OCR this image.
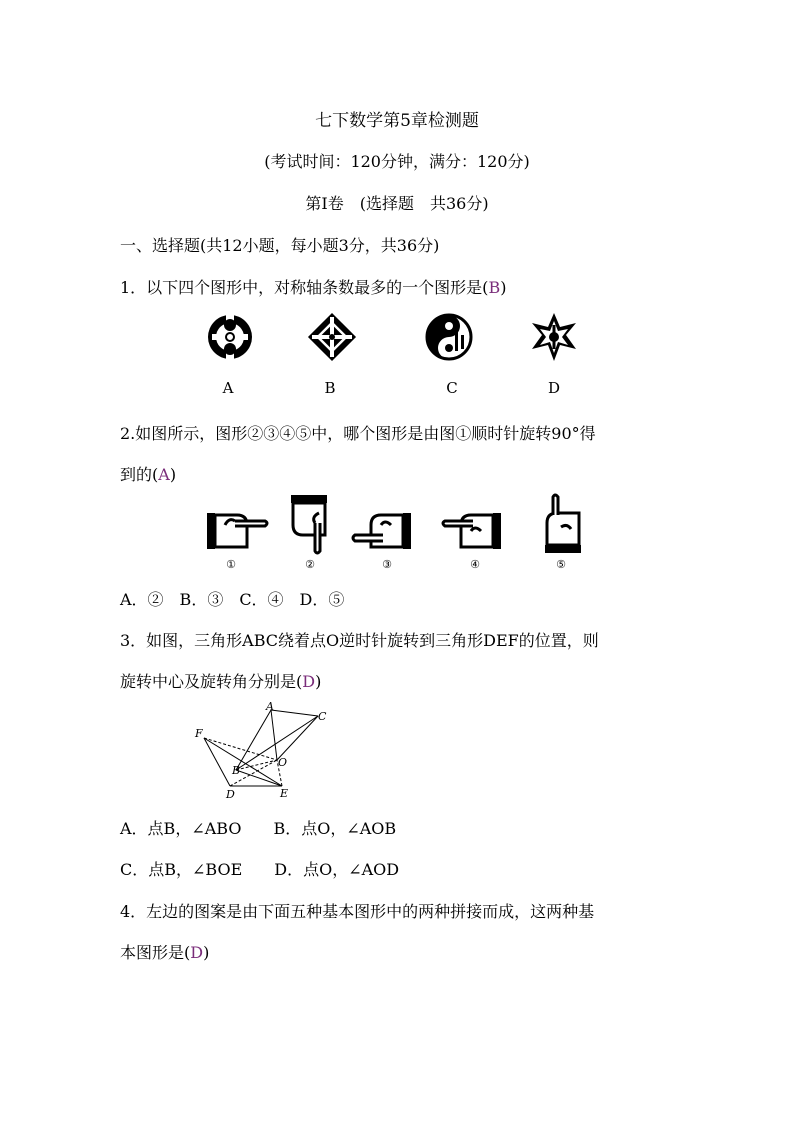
七下数学第5章检测题
(考试时间：120分钟，满分：120分)
第Ⅰ卷　(选择题　共36分)
一、选择题(共12小题，每小题3分，共36分)
1．以下四个图形中，对称轴条数最多的一个图形是(B)
A	B	C	D
2.如图所示，图形②③④⑤中，哪个图形是由图①顺时针旋转90°得
到的(A)
①	②	③	④	⑤
A．②　B．③　C．④　D．⑤
3．如图，三角形ABC绕着点O逆时针旋转到三角形DEF的位置，则
旋转中心及旋转角分别是(D)
A
C
F
B
O
D	E
A．点B，∠ABO　　B．点O，∠AOB
C．点B，∠BOE　　D．点O，∠AOD
4．左边的图案是由下面五种基本图形中的两种拼接而成，这两种基
本图形是(D)
